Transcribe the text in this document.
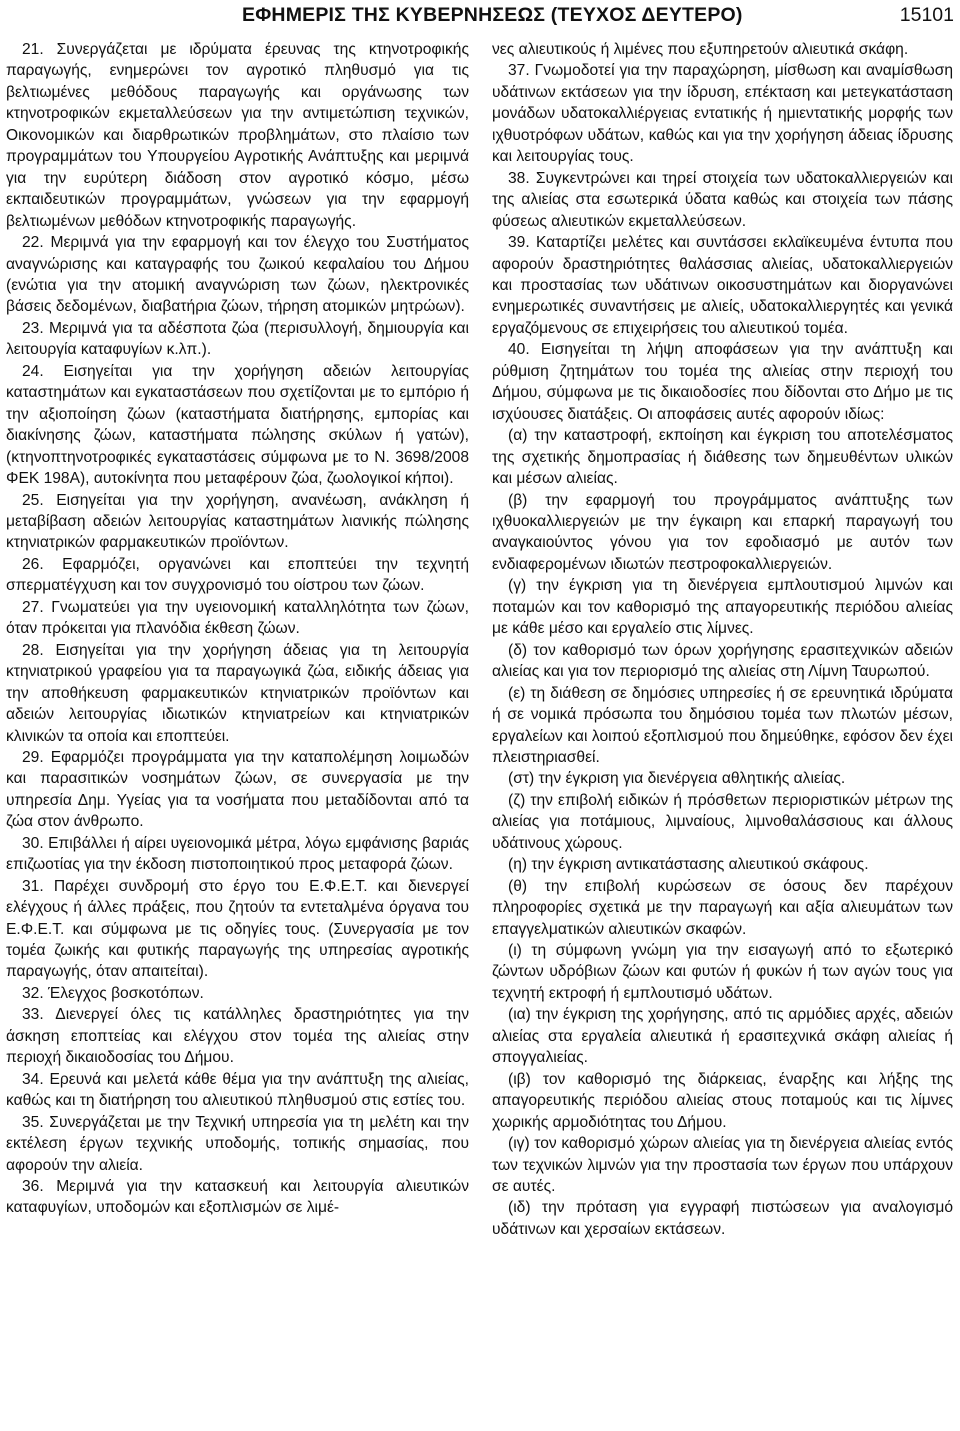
ΕΦΗΜΕΡΙΣ ΤΗΣ ΚΥΒΕΡΝΗΣΕΩΣ (ΤΕΥΧΟΣ ΔΕΥΤΕΡΟ)	15101

21. Συνεργάζεται με ιδρύματα έρευνας της κτηνοτροφικής παραγωγής, ενημερώνει τον αγροτικό πληθυσμό για τις βελτιωμένες μεθόδους παραγωγής και οργάνωσης των κτηνοτροφικών εκμεταλλεύσεων για την αντιμετώπιση τεχνικών, Οικονομικών και διαρθρωτικών προβλημάτων, στο πλαίσιο των προγραμμάτων του Υπουργείου Αγροτικής Ανάπτυξης και μεριμνά για την ευρύτερη διάδοση στον αγροτικό κόσμο, μέσω εκπαιδευτικών προγραμμάτων, γνώσεων για την εφαρμογή βελτιωμένων μεθόδων κτηνοτροφικής παραγωγής.

22. Μεριμνά για την εφαρμογή και τον έλεγχο του Συστήματος αναγνώρισης και καταγραφής του ζωικού κεφαλαίου του Δήμου (ενώτια για την ατομική αναγνώριση των ζώων, ηλεκτρονικές βάσεις δεδομένων, διαβατήρια ζώων, τήρηση ατομικών μητρώων).

23. Μεριμνά για τα αδέσποτα ζώα (περισυλλογή, δημιουργία και λειτουργία καταφυγίων κ.λπ.).

24. Εισηγείται για την χορήγηση αδειών λειτουργίας καταστημάτων και εγκαταστάσεων που σχετίζονται με το εμπόριο ή την αξιοποίηση ζώων (καταστήματα διατήρησης, εμπορίας και διακίνησης ζώων, καταστήματα πώλησης σκύλων ή γατών),(κτηνοπτηνοτροφικές εγκαταστάσεις σύμφωνα με το Ν. 3698/2008 ΦΕΚ 198Α), αυτοκίνητα που μεταφέρουν ζώα, ζωολογικοί κήποι).

25. Εισηγείται για την χορήγηση, ανανέωση, ανάκληση ή μεταβίβαση αδειών λειτουργίας καταστημάτων λιανικής πώλησης κτηνιατρικών φαρμακευτικών προϊόντων.

26. Εφαρμόζει, οργανώνει και εποπτεύει την τεχνητή σπερματέγχυση και τον συγχρονισμό του οίστρου των ζώων.

27. Γνωματεύει για την υγειονομική καταλληλότητα των ζώων, όταν πρόκειται για πλανόδια έκθεση ζώων.

28. Εισηγείται για την χορήγηση άδειας για τη λειτουργία κτηνιατρικού γραφείου για τα παραγωγικά ζώα, ειδικής άδειας για την αποθήκευση φαρμακευτικών κτηνιατρικών προϊόντων και αδειών λειτουργίας ιδιωτικών κτηνιατρείων και κτηνιατρικών κλινικών τα οποία και εποπτεύει.

29. Εφαρμόζει προγράμματα για την καταπολέμηση λοιμωδών και παρασιτικών νοσημάτων ζώων, σε συνεργασία με την υπηρεσία Δημ. Υγείας για τα νοσήματα που μεταδίδονται από τα ζώα στον άνθρωπο.

30. Επιβάλλει ή αίρει υγειονομικά μέτρα, λόγω εμφάνισης βαριάς επιζωοτίας για την έκδοση πιστοποιητικού προς μεταφορά ζώων.

31. Παρέχει συνδρομή στο έργο του Ε.Φ.Ε.Τ. και διενεργεί ελέγχους ή άλλες πράξεις, που ζητούν τα εντεταλμένα όργανα του Ε.Φ.Ε.Τ. και σύμφωνα με τις οδηγίες τους. (Συνεργασία με τον τομέα ζωικής και φυτικής παραγωγής της υπηρεσίας αγροτικής παραγωγής, όταν απαιτείται).

32. Έλεγχος βοσκοτόπων.

33. Διενεργεί όλες τις κατάλληλες δραστηριότητες για την άσκηση εποπτείας και ελέγχου στον τομέα της αλιείας στην περιοχή δικαιοδοσίας του Δήμου.

34. Ερευνά και μελετά κάθε θέμα για την ανάπτυξη της αλιείας, καθώς και τη διατήρηση του αλιευτικού πληθυσμού στις εστίες του.

35. Συνεργάζεται με την Τεχνική υπηρεσία για τη μελέτη και την εκτέλεση έργων τεχνικής υποδομής, τοπικής σημασίας, που αφορούν την αλιεία.

36. Μεριμνά για την κατασκευή και λειτουργία αλιευτικών καταφυγίων, υποδομών και εξοπλισμών σε λιμέ-

νες αλιευτικούς ή λιμένες που εξυπηρετούν αλιευτικά σκάφη.

37. Γνωμοδοτεί για την παραχώρηση, μίσθωση και αναμίσθωση υδάτινων εκτάσεων για την ίδρυση, επέκταση και μετεγκατάσταση μονάδων υδατοκαλλιέργειας εντατικής ή ημιεντατικής μορφής των ιχθυοτρόφων υδάτων, καθώς και για την χορήγηση άδειας ίδρυσης και λειτουργίας τους.

38. Συγκεντρώνει και τηρεί στοιχεία των υδατοκαλλιεργειών και της αλιείας στα εσωτερικά ύδατα καθώς και στοιχεία των πάσης φύσεως αλιευτικών εκμεταλλεύσεων.

39. Καταρτίζει μελέτες και συντάσσει εκλαϊκευμένα έντυπα που αφορούν δραστηριότητες θαλάσσιας αλιείας, υδατοκαλλιεργειών και προστασίας των υδάτινων οικοσυστημάτων και διοργανώνει ενημερωτικές συναντήσεις με αλιείς, υδατοκαλλιεργητές και γενικά εργαζόμενους σε επιχειρήσεις του αλιευτικού τομέα.

40. Εισηγείται τη λήψη αποφάσεων για την ανάπτυξη και ρύθμιση ζητημάτων του τομέα της αλιείας στην περιοχή του Δήμου, σύμφωνα με τις δικαιοδοσίες που δίδονται στο Δήμο με τις ισχύουσες διατάξεις. Οι αποφάσεις αυτές αφορούν ιδίως:

(α) την καταστροφή, εκποίηση και έγκριση του αποτελέσματος της σχετικής δημοπρασίας ή διάθεσης των δημευθέντων υλικών και μέσων αλιείας.

(β) την εφαρμογή του προγράμματος ανάπτυξης των ιχθυοκαλλιεργειών με την έγκαιρη και επαρκή παραγωγή του αναγκαιούντος γόνου για τον εφοδιασμό με αυτόν των ενδιαφερομένων ιδιωτών πεστροφοκαλλιεργειών.

(γ) την έγκριση για τη διενέργεια εμπλουτισμού λιμνών και ποταμών και τον καθορισμό της απαγορευτικής περιόδου αλιείας με κάθε μέσο και εργαλείο στις λίμνες.

(δ) τον καθορισμό των όρων χορήγησης ερασιτεχνικών αδειών αλιείας και για τον περιορισμό της αλιείας στη Λίμνη Ταυρωπού.

(ε) τη διάθεση σε δημόσιες υπηρεσίες ή σε ερευνητικά ιδρύματα ή σε νομικά πρόσωπα του δημόσιου τομέα των πλωτών μέσων, εργαλείων και λοιπού εξοπλισμού που δημεύθηκε, εφόσον δεν έχει πλειστηριασθεί.

(στ) την έγκριση για διενέργεια αθλητικής αλιείας.

(ζ) την επιβολή ειδικών ή πρόσθετων περιοριστικών μέτρων της αλιείας για ποτάμιους, λιμναίους, λιμνοθαλάσσιους και άλλους υδάτινους χώρους.

(η) την έγκριση αντικατάστασης αλιευτικού σκάφους.

(θ) την επιβολή κυρώσεων σε όσους δεν παρέχουν πληροφορίες σχετικά με την παραγωγή και αξία αλιευμάτων των επαγγελματικών αλιευτικών σκαφών.

(ι) τη σύμφωνη γνώμη για την εισαγωγή από το εξωτερικό ζώντων υδρόβιων ζώων και φυτών ή φυκών ή των αγών τους για τεχνητή εκτροφή ή εμπλουτισμό υδάτων.

(ια) την έγκριση της χορήγησης, από τις αρμόδιες αρχές, αδειών αλιείας στα εργαλεία αλιευτικά ή ερασιτεχνικά σκάφη αλιείας ή σπογγαλιείας.

(ιβ) τον καθορισμό της διάρκειας, έναρξης και λήξης της απαγορευτικής περιόδου αλιείας στους ποταμούς και τις λίμνες χωρικής αρμοδιότητας του Δήμου.

(ιγ) τον καθορισμό χώρων αλιείας για τη διενέργεια αλιείας εντός των τεχνικών λιμνών για την προστασία των έργων που υπάρχουν σε αυτές.

(ιδ) την πρόταση για εγγραφή πιστώσεων για αναλογισμό υδάτινων και χερσαίων εκτάσεων.
